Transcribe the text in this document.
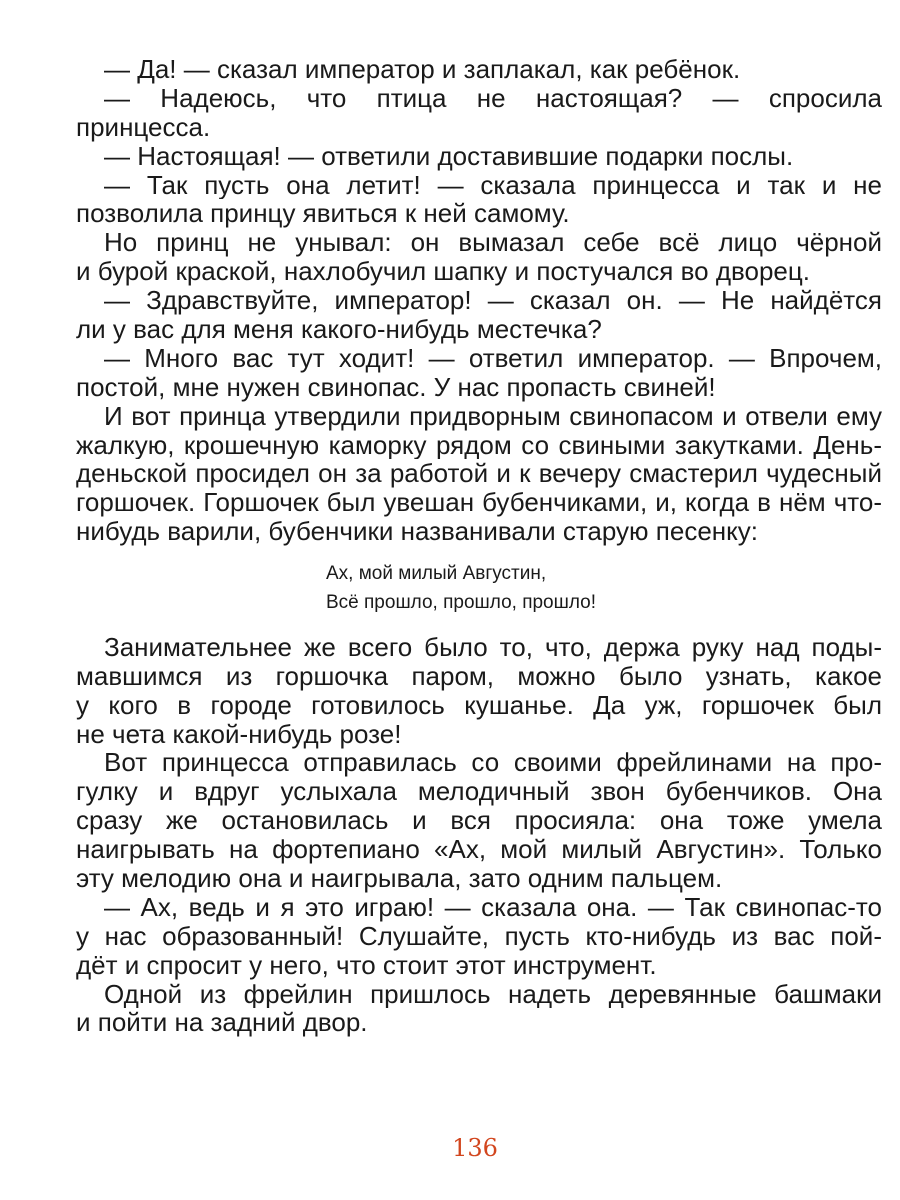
— Да! — сказал император и заплакал, как ребёнок.
— Надеюсь, что птица не настоящая? — спросила
принцесса.
— Настоящая! — ответили доставившие подарки послы.
— Так пусть она летит! — сказала принцесса и так и не
позволила принцу явиться к ней самому.
Но принц не унывал: он вымазал себе всё лицо чёрной
и бурой краской, нахлобучил шапку и постучался во дворец.
— Здравствуйте, император! — сказал он. — Не найдётся
ли у вас для меня какого-нибудь местечка?
— Много вас тут ходит! — ответил император. — Впрочем,
постой, мне нужен свинопас. У нас пропасть свиней!
И вот принца утвердили придворным свинопасом и отвели ему
жалкую, крошечную каморку рядом со свиными закутками. День-
деньской просидел он за работой и к вечеру смастерил чудесный
горшочек. Горшочек был увешан бубенчиками, и, когда в нём что-
нибудь варили, бубенчики названивали старую песенку:
Ах, мой милый Августин,
Всё прошло, прошло, прошло!
Занимательнее же всего было то, что, держа руку над поды-
мавшимся из горшочка паром, можно было узнать, какое
у кого в городе готовилось кушанье. Да уж, горшочек был
не чета какой-нибудь розе!
Вот принцесса отправилась со своими фрейлинами на про-
гулку и вдруг услыхала мелодичный звон бубенчиков. Она
сразу же остановилась и вся просияла: она тоже умела
наигрывать на фортепиано «Ах, мой милый Августин». Только
эту мелодию она и наигрывала, зато одним пальцем.
— Ах, ведь и я это играю! — сказала она. — Так свинопас-то
у нас образованный! Слушайте, пусть кто-нибудь из вас пой-
дёт и спросит у него, что стоит этот инструмент.
Одной из фрейлин пришлось надеть деревянные башмаки
и пойти на задний двор.
136
